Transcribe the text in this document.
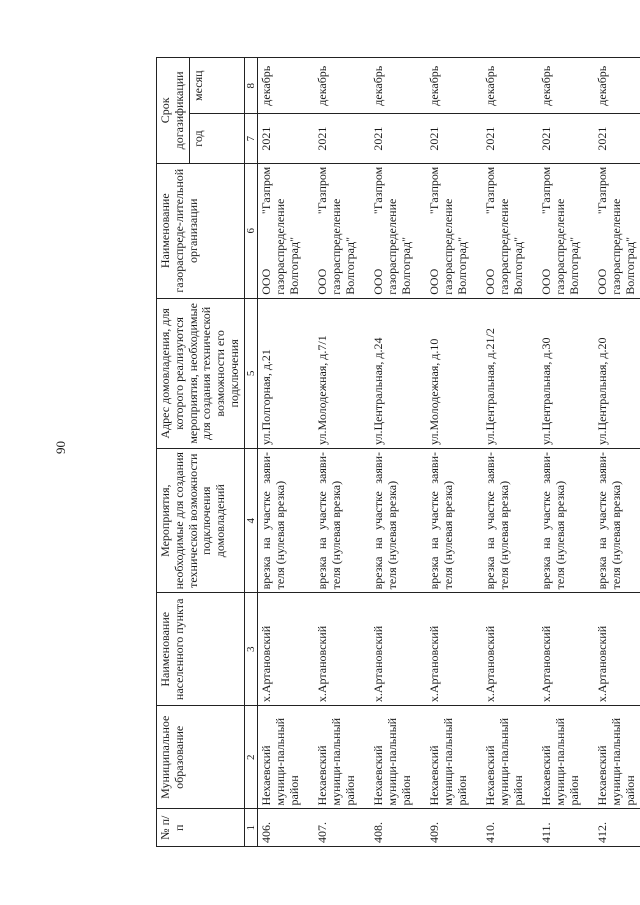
90
№ п/п	Муниципальное образование	Наименование населенного пункта	Мероприятия, необходимые для создания технической возможности подключения домовладений	Адрес домовладения, для которого реализуются мероприятия, необходимые для создания технической возможности его подключения	Наименование газораспреде-лительной организации	Срок догазификации	
						год	месяц
1	2	3	4	5	6	7	8
406.	Нехаевский муници-пальный район	х.Артановский	врезка на участке заяви-теля (нулевая врезка)	ул.Полгорная, д.21	ООО "Газпром газораспределение Волгоград"	2021	декабрь
407.	Нехаевский муници-пальный район	х.Артановский	врезка на участке заяви-теля (нулевая врезка)	ул.Молодежная, д.7/1	ООО "Газпром газораспределение Волгоград"	2021	декабрь
408.	Нехаевский муници-пальный район	х.Артановский	врезка на участке заяви-теля (нулевая врезка)	ул.Центральная, д.24	ООО "Газпром газораспределение Волгоград"	2021	декабрь
409.	Нехаевский муници-пальный район	х.Артановский	врезка на участке заяви-теля (нулевая врезка)	ул.Молодежная, д.10	ООО "Газпром газораспределение Волгоград"	2021	декабрь
410.	Нехаевский муници-пальный район	х.Артановский	врезка на участке заяви-теля (нулевая врезка)	ул.Центральная, д.21/2	ООО "Газпром газораспределение Волгоград"	2021	декабрь
411.	Нехаевский муници-пальный район	х.Артановский	врезка на участке заяви-теля (нулевая врезка)	ул.Центральная, д.30	ООО "Газпром газораспределение Волгоград"	2021	декабрь
412.	Нехаевский муници-пальный район	х.Артановский	врезка на участке заяви-теля (нулевая врезка)	ул.Центральная, д.20	ООО "Газпром газораспределение Волгоград"	2021	декабрь
